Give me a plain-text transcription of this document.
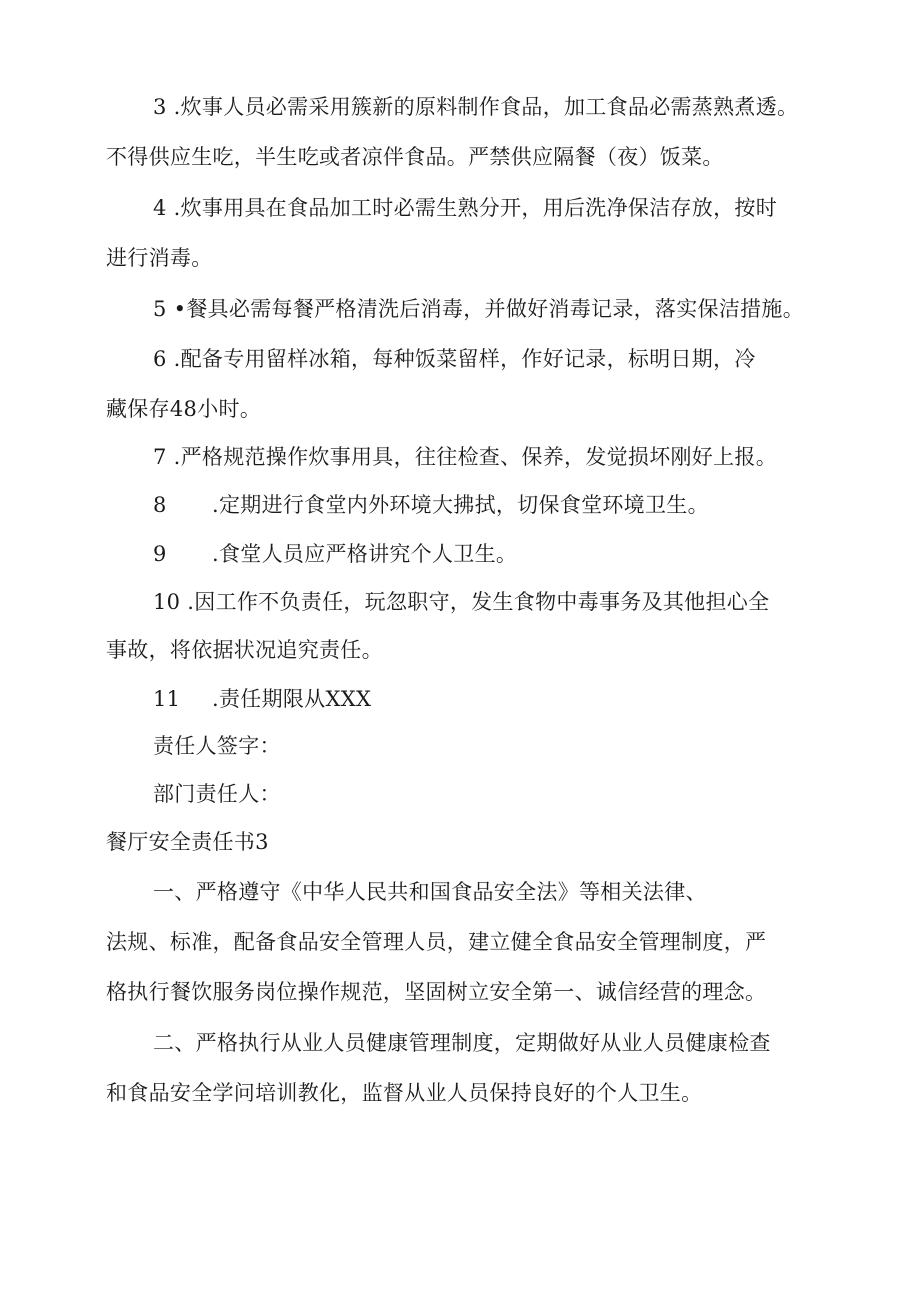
3 .炊事人员必需采用簇新的原料制作食品，加工食品必需蒸熟煮透。
不得供应生吃，半生吃或者凉伴食品。严禁供应隔餐（夜）饭菜。
4 .炊事用具在食品加工时必需生熟分开，用后洗净保洁存放，按时
进行消毒。
5 •餐具必需每餐严格清洗后消毒，并做好消毒记录，落实保洁措施。
6 .配备专用留样冰箱，每种饭菜留样，作好记录，标明日期，冷
藏保存48小时。
7 .严格规范操作炊事用具，往往检查、保养，发觉损坏刚好上报。
8 .定期进行食堂内外环境大拂拭，切保食堂环境卫生。
9 .食堂人员应严格讲究个人卫生。
10 .因工作不负责任，玩忽职守，发生食物中毒事务及其他担心全
事故，将依据状况追究责任。
11 .责任期限从XXX
责任人签字：
部门责任人：
餐厅安全责任书3
一、严格遵守《中华人民共和国食品安全法》等相关法律、
法规、标准，配备食品安全管理人员，建立健全食品安全管理制度，严
格执行餐饮服务岗位操作规范，坚固树立安全第一、诚信经营的理念。
二、严格执行从业人员健康管理制度，定期做好从业人员健康检查
和食品安全学问培训教化，监督从业人员保持良好的个人卫生。
